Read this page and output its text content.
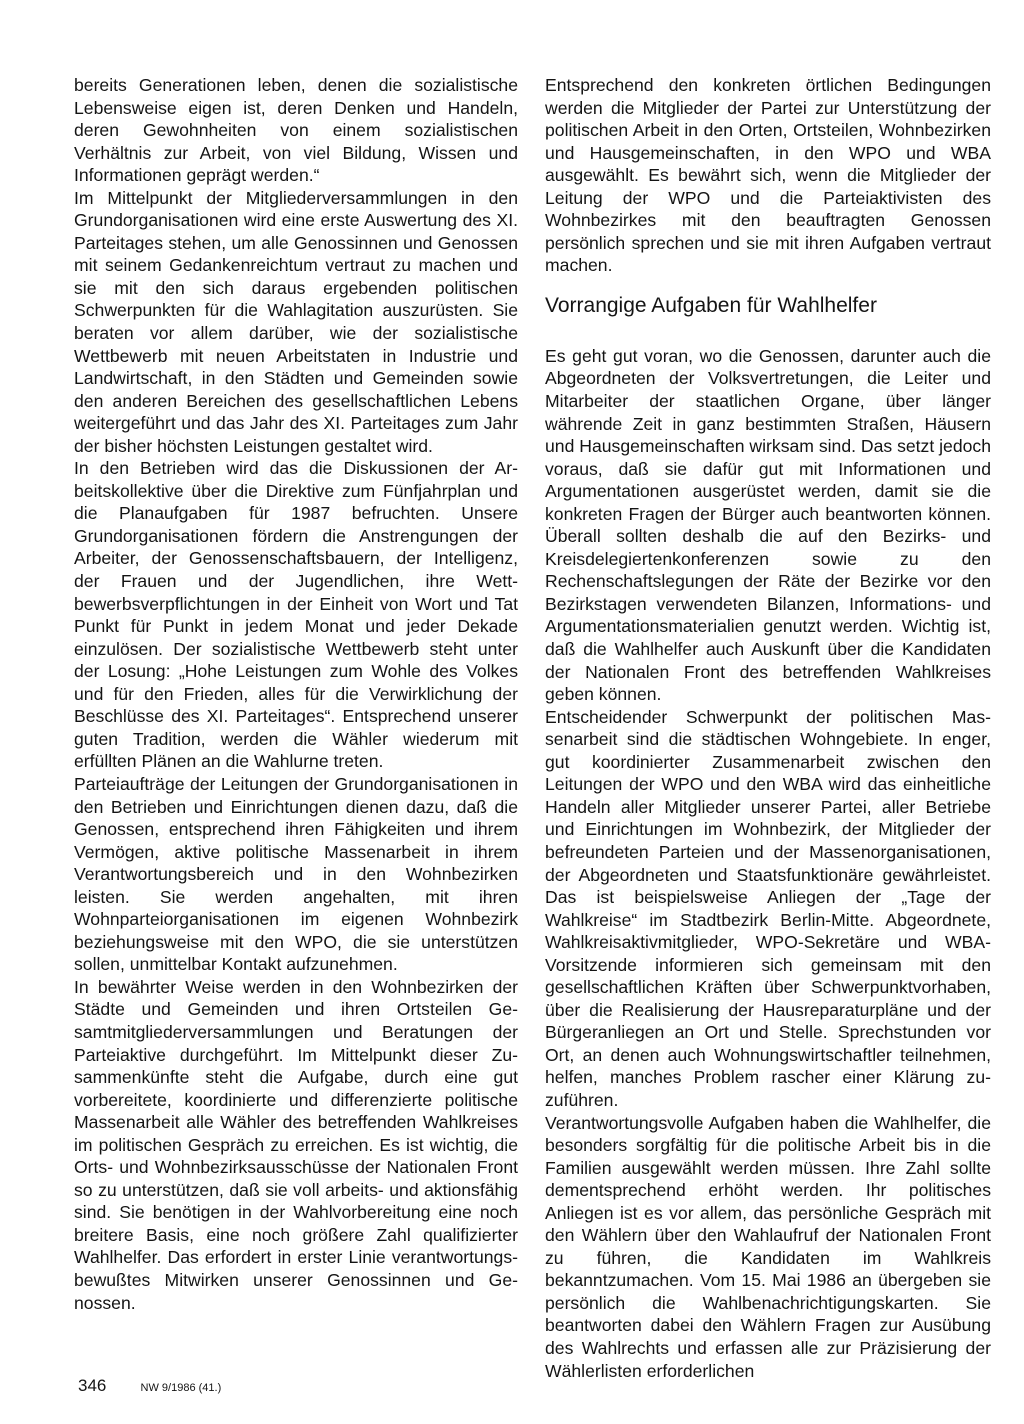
bereits Generationen leben, denen die sozialistische Lebensweise eigen ist, deren Denken und Handeln, deren Gewohnheiten von einem sozialistischen Verhältnis zur Arbeit, von viel Bildung, Wissen und Informationen geprägt werden.“

Im Mittelpunkt der Mitgliederversammlungen in den Grundorganisationen wird eine erste Auswertung des XI. Parteitages stehen, um alle Genossinnen und Genossen mit seinem Gedankenreichtum vertraut zu machen und sie mit den sich daraus ergebenden politischen Schwerpunkten für die Wahlagitation auszurüsten. Sie beraten vor allem darüber, wie der sozialistische Wettbewerb mit neuen Arbeitstaten in Industrie und Landwirtschaft, in den Städten und Gemeinden sowie den anderen Bereichen des gesellschaftlichen Lebens weitergeführt und das Jahr des XI. Parteitages zum Jahr der bisher höchsten Leistungen gestaltet wird.

In den Betrieben wird das die Diskussionen der Arbeitskollektive über die Direktive zum Fünfjahrplan und die Planaufgaben für 1987 befruchten. Unsere Grundorganisationen fördern die Anstrengungen der Arbeiter, der Genossenschaftsbauern, der Intelligenz, der Frauen und der Jugendlichen, ihre Wettbewerbsverpflichtungen in der Einheit von Wort und Tat Punkt für Punkt in jedem Monat und jeder Dekade einzulösen. Der sozialistische Wettbewerb steht unter der Losung: „Hohe Leistungen zum Wohle des Volkes und für den Frieden, alles für die Verwirklichung der Beschlüsse des XI. Parteitages“. Entsprechend unserer guten Tradition, werden die Wähler wiederum mit erfüllten Plänen an die Wahlurne treten.

Parteiaufträge der Leitungen der Grundorganisationen in den Betrieben und Einrichtungen dienen dazu, daß die Genossen, entsprechend ihren Fähigkeiten und ihrem Vermögen, aktive politische Massenarbeit in ihrem Verantwortungsbereich und in den Wohnbezirken leisten. Sie werden angehalten, mit ihren Wohnparteiorganisationen im eigenen Wohnbezirk beziehungsweise mit den WPO, die sie unterstützen sollen, unmittelbar Kontakt aufzunehmen.

In bewährter Weise werden in den Wohnbezirken der Städte und Gemeinden und ihren Ortsteilen Gesamtmitgliederversammlungen und Beratungen der Parteiaktive durchgeführt. Im Mittelpunkt dieser Zusammenkünfte steht die Aufgabe, durch eine gut vorbereitete, koordinierte und differenzierte politische Massenarbeit alle Wähler des betreffenden Wahlkreises im politischen Gespräch zu erreichen. Es ist wichtig, die Orts- und Wohnbezirksausschüsse der Nationalen Front so zu unterstützen, daß sie voll arbeits- und aktionsfähig sind. Sie benötigen in der Wahlvorbereitung eine noch breitere Basis, eine noch größere Zahl qualifizierter Wahlhelfer. Das erfordert in erster Linie verantwortungsbewußtes Mitwirken unserer Genossinnen und Genossen.

Entsprechend den konkreten örtlichen Bedingungen werden die Mitglieder der Partei zur Unterstützung der politischen Arbeit in den Orten, Ortsteilen, Wohnbezirken und Hausgemeinschaften, in den WPO und WBA ausgewählt. Es bewährt sich, wenn die Mitglieder der Leitung der WPO und die Parteiaktivisten des Wohnbezirkes mit den beauftragten Genossen persönlich sprechen und sie mit ihren Aufgaben vertraut machen.

Vorrangige Aufgaben für Wahlhelfer

Es geht gut voran, wo die Genossen, darunter auch die Abgeordneten der Volksvertretungen, die Leiter und Mitarbeiter der staatlichen Organe, über länger währende Zeit in ganz bestimmten Straßen, Häusern und Hausgemeinschaften wirksam sind. Das setzt jedoch voraus, daß sie dafür gut mit Informationen und Argumentationen ausgerüstet werden, damit sie die konkreten Fragen der Bürger auch beantworten können. Überall sollten deshalb die auf den Bezirks- und Kreisdelegiertenkonferenzen sowie zu den Rechenschaftslegungen der Räte der Bezirke vor den Bezirkstagen verwendeten Bilanzen, Informations- und Argumentationsmaterialien genutzt werden. Wichtig ist, daß die Wahlhelfer auch Auskunft über die Kandidaten der Nationalen Front des betreffenden Wahlkreises geben können.

Entscheidender Schwerpunkt der politischen Massenarbeit sind die städtischen Wohngebiete. In enger, gut koordinierter Zusammenarbeit zwischen den Leitungen der WPO und den WBA wird das einheitliche Handeln aller Mitglieder unserer Partei, aller Betriebe und Einrichtungen im Wohnbezirk, der Mitglieder der befreundeten Parteien und der Massenorganisationen, der Abgeordneten und Staatsfunktionäre gewährleistet. Das ist beispielsweise Anliegen der „Tage der Wahlkreise“ im Stadtbezirk Berlin-Mitte. Abgeordnete, Wahlkreisaktivmitglieder, WPO-Sekretäre und WBA-Vorsitzende informieren sich gemeinsam mit den gesellschaftlichen Kräften über Schwerpunktvorhaben, über die Realisierung der Hausreparaturpläne und der Bürgeranliegen an Ort und Stelle. Sprechstunden vor Ort, an denen auch Wohnungswirtschaftler teilnehmen, helfen, manches Problem rascher einer Klärung zuzuführen.

Verantwortungsvolle Aufgaben haben die Wahlhelfer, die besonders sorgfältig für die politische Arbeit bis in die Familien ausgewählt werden müssen. Ihre Zahl sollte dementsprechend erhöht werden. Ihr politisches Anliegen ist es vor allem, das persönliche Gespräch mit den Wählern über den Wahlaufruf der Nationalen Front zu führen, die Kandidaten im Wahlkreis bekanntzumachen. Vom 15. Mai 1986 an übergeben sie persönlich die Wahlbenachrichtigungskarten. Sie beantworten dabei den Wählern Fragen zur Ausübung des Wahlrechts und erfassen alle zur Präzisierung der Wählerlisten erforderlichen

346	NW 9/1986 (41.)
